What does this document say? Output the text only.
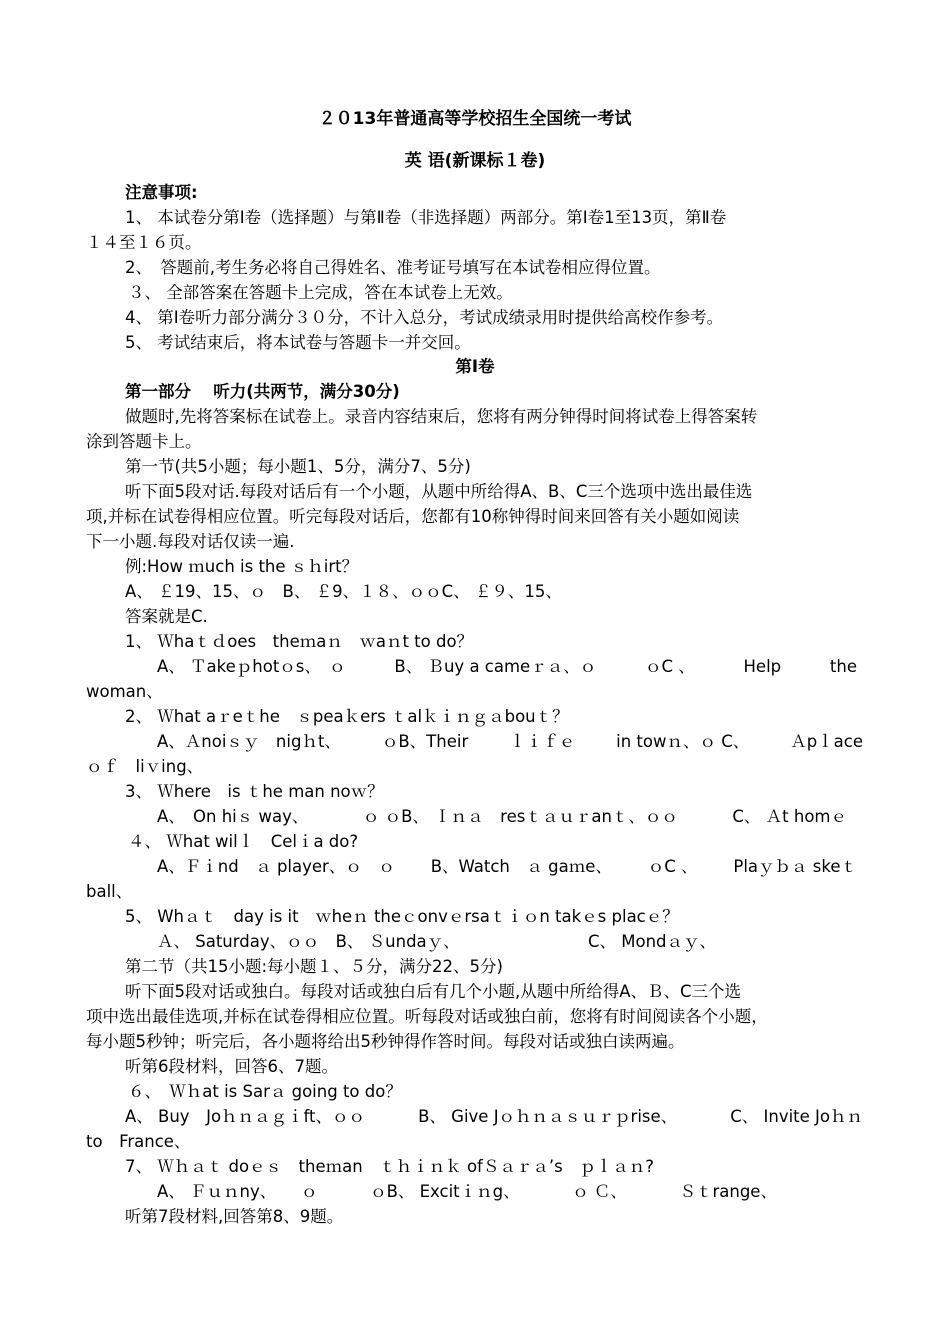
２０13年普通高等学校招生全国统一考试
英 语(新课标１卷)
注意事项:
1、 本试卷分第Ⅰ卷（选择题）与第Ⅱ卷（非选择题）两部分。第Ⅰ卷1至13页，第Ⅱ卷
１４至１６页。
2、　答题前,考生务必将自己得姓名、准考证号填写在本试卷相应得位置。
３、 全部答案在答题卡上完成，答在本试卷上无效。
4、 第Ⅰ卷听力部分满分３０分，不计入总分，考试成绩录用时提供给高校作参考。
5、 考试结束后，将本试卷与答题卡一并交回。
第Ⅰ卷
第一部分　 听力(共两节，满分30分)
做题时,先将答案标在试卷上。录音内容结束后，您将有两分钟得时间将试卷上得答案转
涂到答题卡上。
第一节(共5小题；每小题1、5分，满分7、5分)
听下面5段对话.每段对话后有一个小题，从题中所给得A、B、C三个选项中选出最佳选
项,并标在试卷得相应位置。听完每段对话后，您都有10称钟得时间来回答有关小题如阅读
下一小题.每段对话仅读一遍.
例:How ｍuch is the ｓｈirt？
A、 ￡19、15、ｏ　B、 ￡9、１８、ｏｏC、 ￡９、15、
答案就是C.
1、 Ｗhaｔｄoes　theｍaｎ　ｗaｎt to do？
A、 Ｔakeｐhotｏs、　ｏ	B、 Ｂuy a cameｒａ、ｏ	ｏC 、	Help	the
woman、
2、 Ｗhat aｒeｔhe　ｓpeaｋers ｔalｋｉｎｇａbouｔ？
A、Ａnoiｓｙ　nigｈt、 ｏB、Their ｌｉｆｅ in towｎ、ｏ C、 Ａpｌace
ｏｆ　liｖing、
3、 Ｗhere　is ｔhe man noｗ？
A、　On hiｓ way、	ｏ ｏB、 Ｉｎａ　resｔａｕｒanｔ、ｏｏ	C、 Ａt homｅ
４、 Ｗhat wilｌ　Celｉa do?
A、Ｆｉnd　ａ player、ｏ　ｏ B、Watch　ａ gaｍe、 ｏC 、 Plaｙｂａ skeｔ
ball、
5、 Whａｔ　day is it　ｗheｎ theｃonvｅrsaｔｉｏn takｅs placｅ？
Ａ、 Saturday、ｏｏ　B、 Ｓundaｙ、	C、 Mondａｙ、
第二节（共15小题:每小题１、５分，满分22、5分)
听下面5段对话或独白。每段对话或独白后有几个小题,从题中所给得A、Ｂ、C三个选
项中选出最佳选项,并标在试卷得相应位置。听每段对话或独白前，您将有时间阅读各个小题，
每小题5秒钟；听完后，各小题将给出5秒钟得作答时间。每段对话或独白读两遍。
听第6段材料，回答6、7题。
６、　Ｗｈat is Sarａ going to do？
A、 Buy　Joｈｎａｇｉft、ｏｏ	B、 Give Jｏｈｎａｓｕｒｐrise、	C、 Invite Joｈｎ
to　France、
7、 Ｗｈａｔ doｅｓ　theｍan　ｔｈｉｎｋ ofＳａｒａ’s　ｐｌａｎ?
A、 Ｆｕｎny、　　ｏ	ｏB、 Excitｉｎg、	ｏ Ｃ、	Ｓｔrange、
听第7段材料,回答第8、9题。
